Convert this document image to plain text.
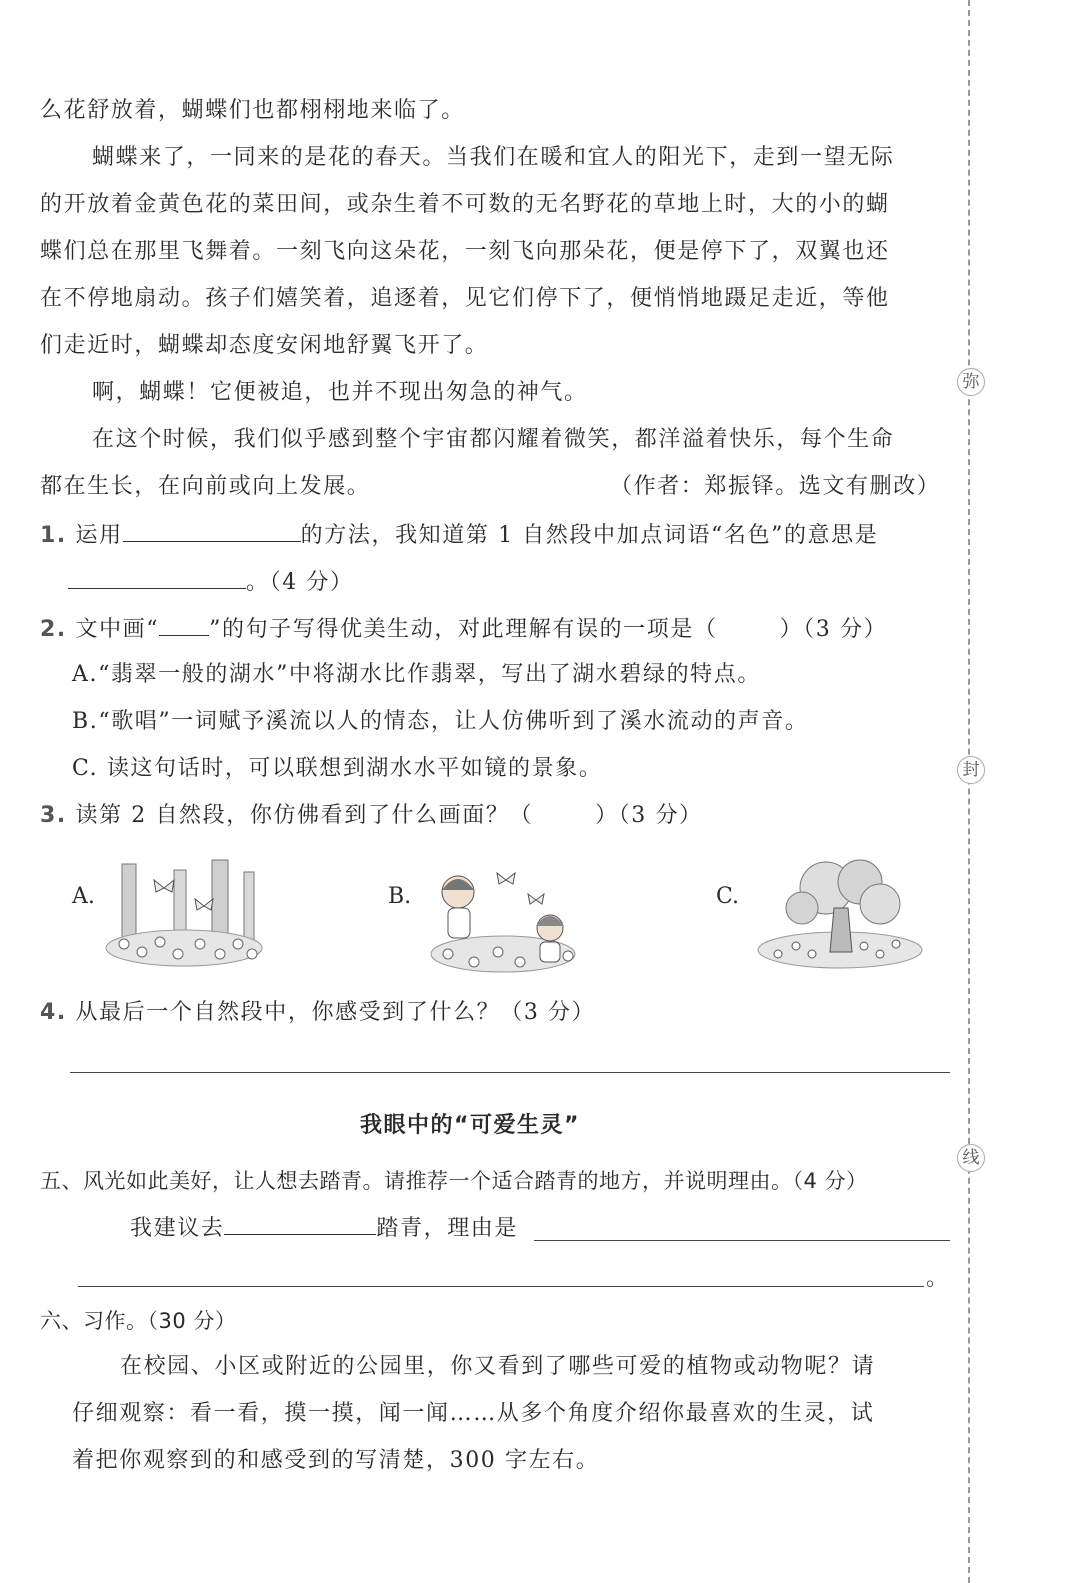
弥
封
线
么花舒放着，蝴蝶们也都栩栩地来临了。
蝴蝶来了，一同来的是花的春天。当我们在暖和宜人的阳光下，走到一望无际
的开放着金黄色花的菜田间，或杂生着不可数的无名野花的草地上时，大的小的蝴
蝶们总在那里飞舞着。一刻飞向这朵花，一刻飞向那朵花，便是停下了，双翼也还
在不停地扇动。孩子们嬉笑着，追逐着，见它们停下了，便悄悄地蹑足走近，等他
们走近时，蝴蝶却态度安闲地舒翼飞开了。
啊，蝴蝶！它便被追，也并不现出匆急的神气。
在这个时候，我们似乎感到整个宇宙都闪耀着微笑，都洋溢着快乐，每个生命
都在生长，在向前或向上发展。	（作者：郑振铎。选文有删改）
1. 运用	的方法，我知道第 1 自然段中加点词语“名色”的意思是
。（4 分）
2. 文中画“ ”的句子写得优美生动，对此理解有误的一项是（	）（3 分）
A.“翡翠一般的湖水”中将湖水比作翡翠，写出了湖水碧绿的特点。
B.“歌唱”一词赋予溪流以人的情态，让人仿佛听到了溪水流动的声音。
C. 读这句话时，可以联想到湖水水平如镜的景象。
3. 读第 2 自然段，你仿佛看到了什么画面？（	）（3 分）
A.	B.	C.
4. 从最后一个自然段中，你感受到了什么？（3 分）
我眼中的“可爱生灵”
五、风光如此美好，让人想去踏青。请推荐一个适合踏青的地方，并说明理由。（4 分）
我建议去	踏青，理由是
。
六、习作。（30 分）
在校园、小区或附近的公园里，你又看到了哪些可爱的植物或动物呢？请
仔细观察：看一看，摸一摸，闻一闻……从多个角度介绍你最喜欢的生灵，试
着把你观察到的和感受到的写清楚，300 字左右。
